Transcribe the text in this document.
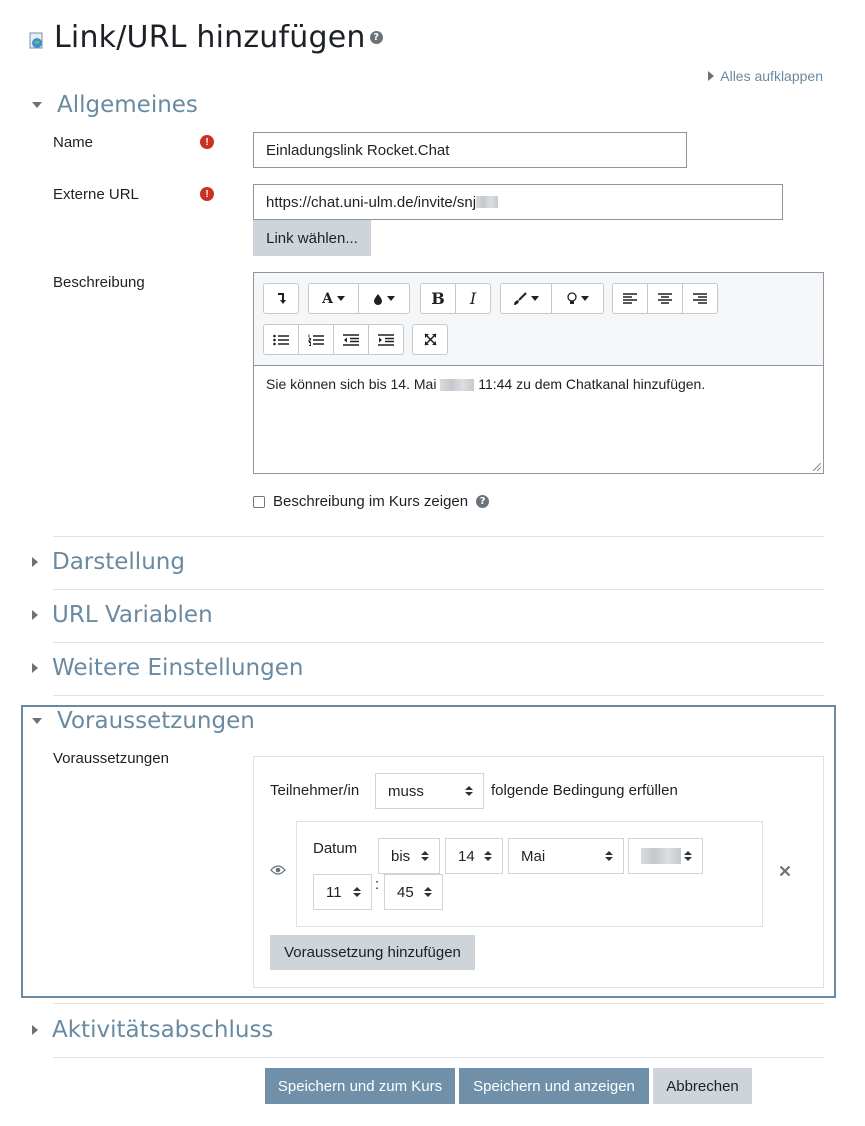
Link/URL hinzufügen ?
Alles aufklappen
Allgemeines
Name	!	Einladungslink Rocket.Chat
Externe URL	!	https://chat.uni-ulm.de/invite/snj
Link wählen...
Beschreibung
A	B	I
Sie können sich bis 14. Mai	11:44 zu dem Chatkanal hinzufügen.
Beschreibung im Kurs zeigen	?
Darstellung
URL Variablen
Weitere Einstellungen
Voraussetzungen
Voraussetzungen
Teilnehmer/in muss	folgende Bedingung erfüllen
Datum bis	14	Mai
11 : 45
Voraussetzung hinzufügen
Aktivitätsabschluss
Speichern und zum Kurs	Speichern und anzeigen	Abbrechen
